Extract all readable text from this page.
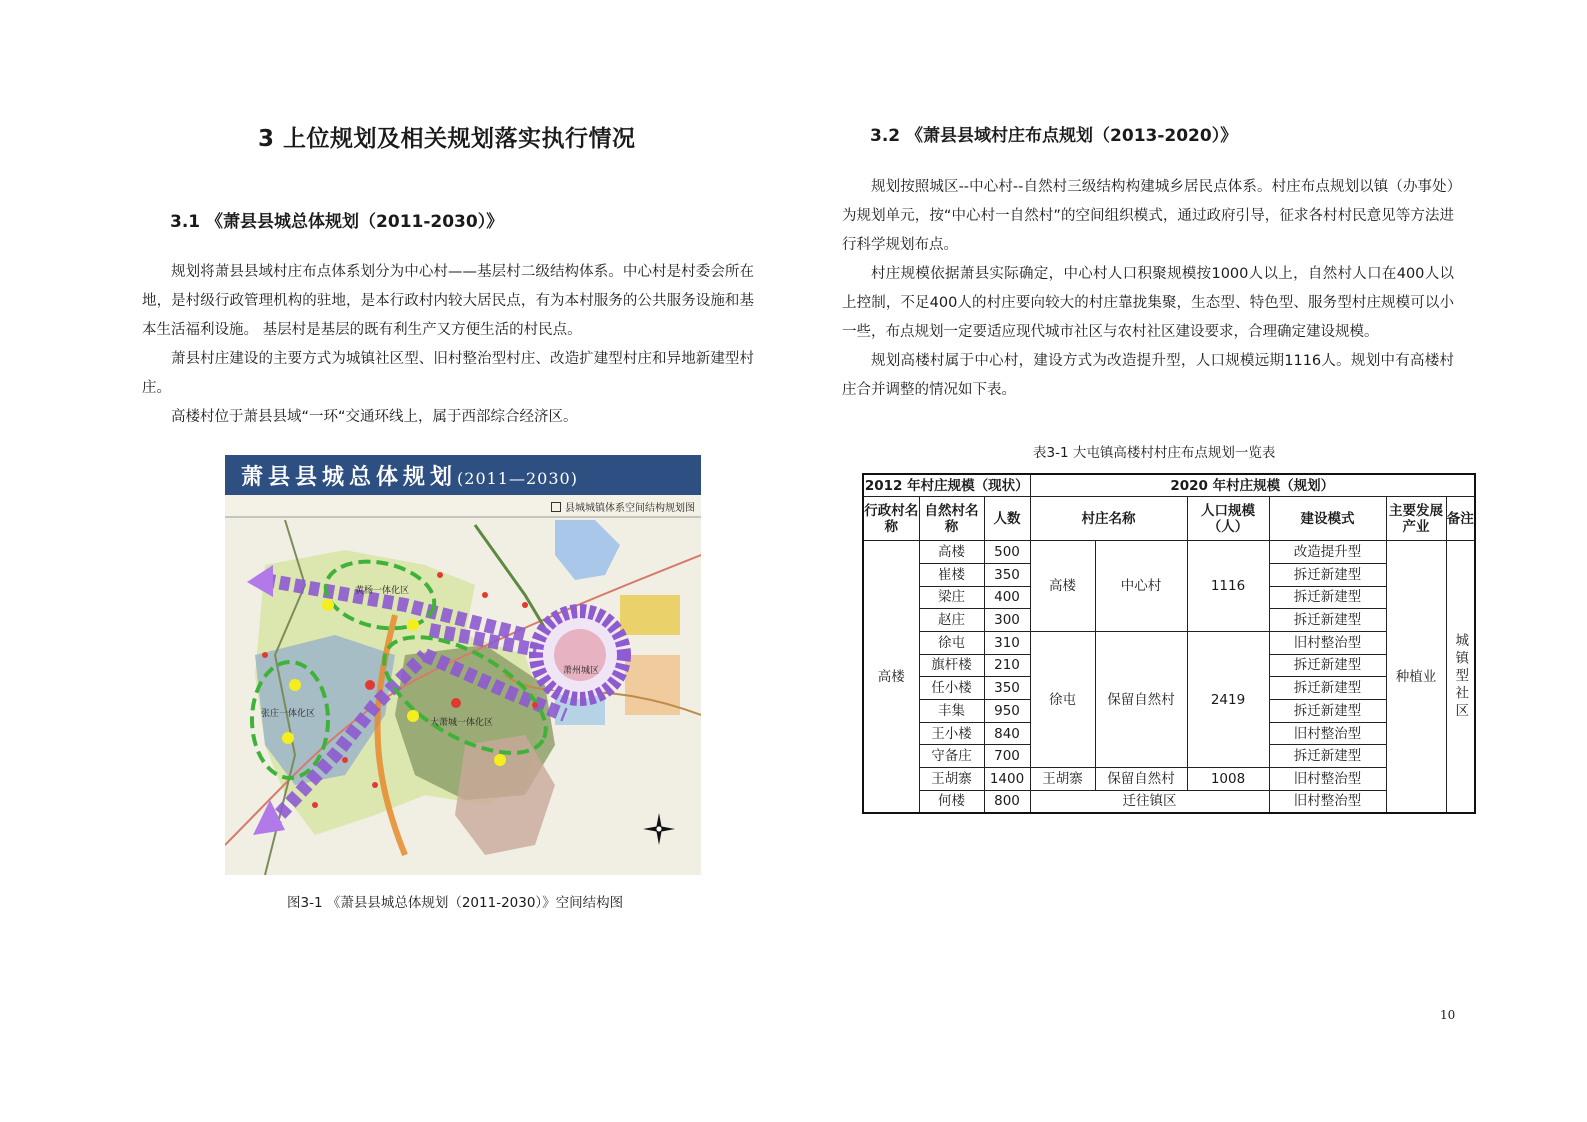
3 上位规划及相关规划落实执行情况
3.1 《萧县县城总体规划（2011-2030）》

规划将萧县县域村庄布点体系划分为中心村——基层村二级结构体系。中心村是村委会所在地，是村级行政管理机构的驻地，是本行政村内较大居民点，有为本村服务的公共服务设施和基本生活福利设施。 基层村是基层的既有利生产又方便生活的村民点。

萧县村庄建设的主要方式为城镇社区型、旧村整治型村庄、改造扩建型村庄和异地新建型村庄。

高楼村位于萧县县域“一环“交通环线上，属于西部综合经济区。

萧县县城总体规划(2011—2030)
县城城镇体系空间结构规划图
黄杨一体化区
张庄一体化区
大萧城一体化区
萧州城区
图3-1 《萧县县城总体规划（2011-2030）》空间结构图
3.2 《萧县县域村庄布点规划（2013-2020）》

规划按照城区--中心村--自然村三级结构构建城乡居民点体系。村庄布点规划以镇（办事处）为规划单元，按“中心村一自然村”的空间组织模式，通过政府引导，征求各村村民意见等方法进行科学规划布点。

村庄规模依据萧县实际确定，中心村人口积聚规模按1000人以上，自然村人口在400人以上控制，不足400人的村庄要向较大的村庄靠拢集聚，生态型、特色型、服务型村庄规模可以小一些，布点规划一定要适应现代城市社区与农村社区建设要求，合理确定建设规模。

规划高楼村属于中心村，建设方式为改造提升型，人口规模远期1116人。规划中有高楼村庄合并调整的情况如下表。

表3-1 大屯镇高楼村村庄布点规划一览表
2012 年村庄规模（现状）			2020 年村庄规模（规划）					
行政村名称	自然村名称	人数	村庄名称		人口规模（人）	建设模式	主要发展产业	备注
高楼	高楼	500	高楼	中心村	1116	改造提升型	种植业	城镇型社区

	崔楼	350				拆迁新建型		
	梁庄	400				拆迁新建型		
	赵庄	300				拆迁新建型		
	徐屯	310	徐屯	保留自然村	2419	旧村整治型		
	旗杆楼	210				拆迁新建型		
	任小楼	350				拆迁新建型		
	丰集	950				拆迁新建型		
	王小楼	840				旧村整治型		
	守备庄	700				拆迁新建型		
	王胡寨	1400	王胡寨	保留自然村	1008	旧村整治型		
	何楼	800	迁往镇区			旧村整治型		
10
